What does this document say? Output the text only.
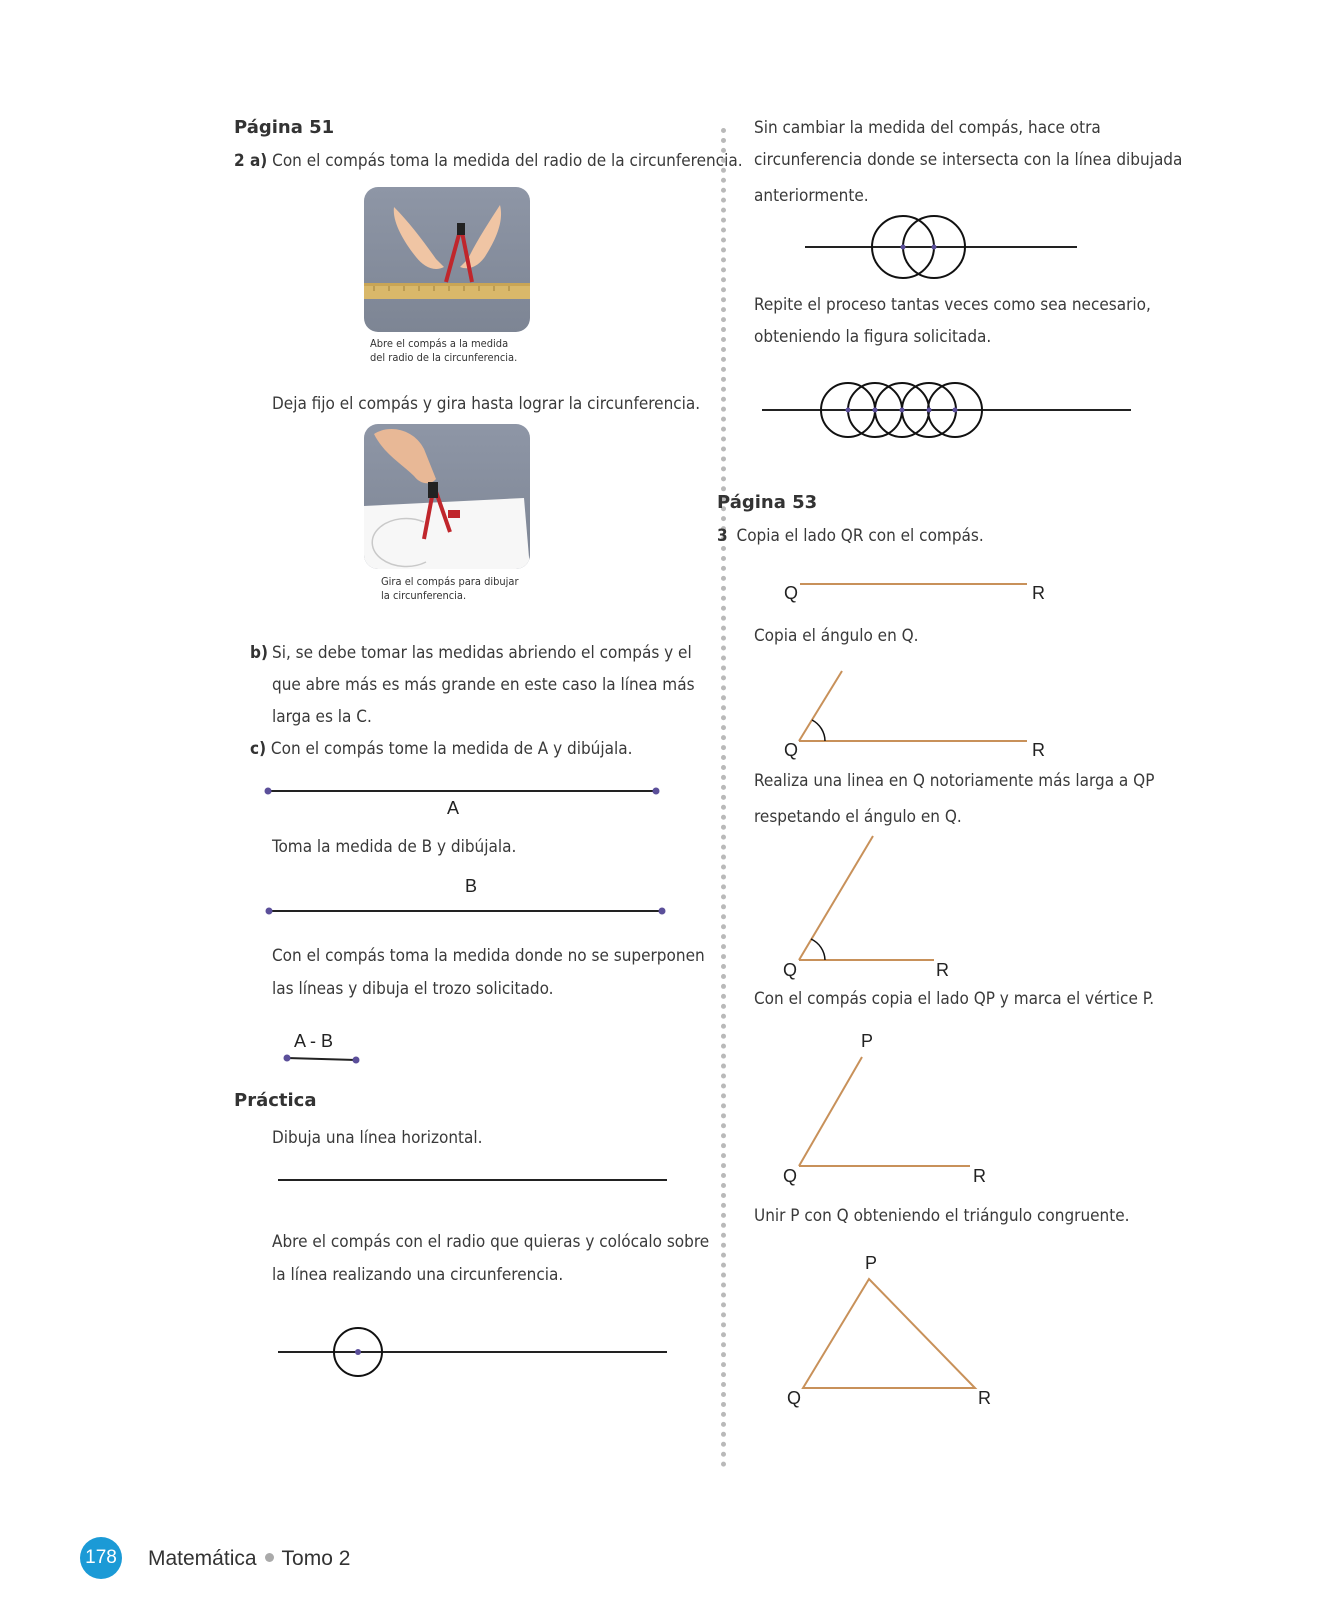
Página 51
2 a) Con el compás toma la medida del radio de la circunferencia.
Abre el compás a la medida
del radio de la circunferencia.
Deja fijo el compás y gira hasta lograr la circunferencia.
Gira el compás para dibujar
la circunferencia.
b) Si, se debe tomar las medidas abriendo el compás y el
que abre más es más grande en este caso la línea más
larga es la C.
c) Con el compás tome la medida de A y dibújala.
A
Toma la medida de B y dibújala.
B
Con el compás toma la medida donde no se superponen
las líneas y dibuja el trozo solicitado.
A - B
Práctica
Dibuja una línea horizontal.
Abre el compás con el radio que quieras y colócalo sobre
la línea realizando una circunferencia.
Sin cambiar la medida del compás, hace otra
circunferencia donde se intersecta con la línea dibujada
anteriormente.
Repite el proceso tantas veces como sea necesario,
obteniendo la figura solicitada.
Página 53
3 Copia el lado QR con el compás.
Q	R
Copia el ángulo en Q.
Q	R
Realiza una linea en Q notoriamente más larga a QP
respetando el ángulo en Q.
Q	R
Con el compás copia el lado QP y marca el vértice P.
P
Q	R
Unir P con Q obteniendo el triángulo congruente.
P
Q	R
178 Matemática Tomo 2
